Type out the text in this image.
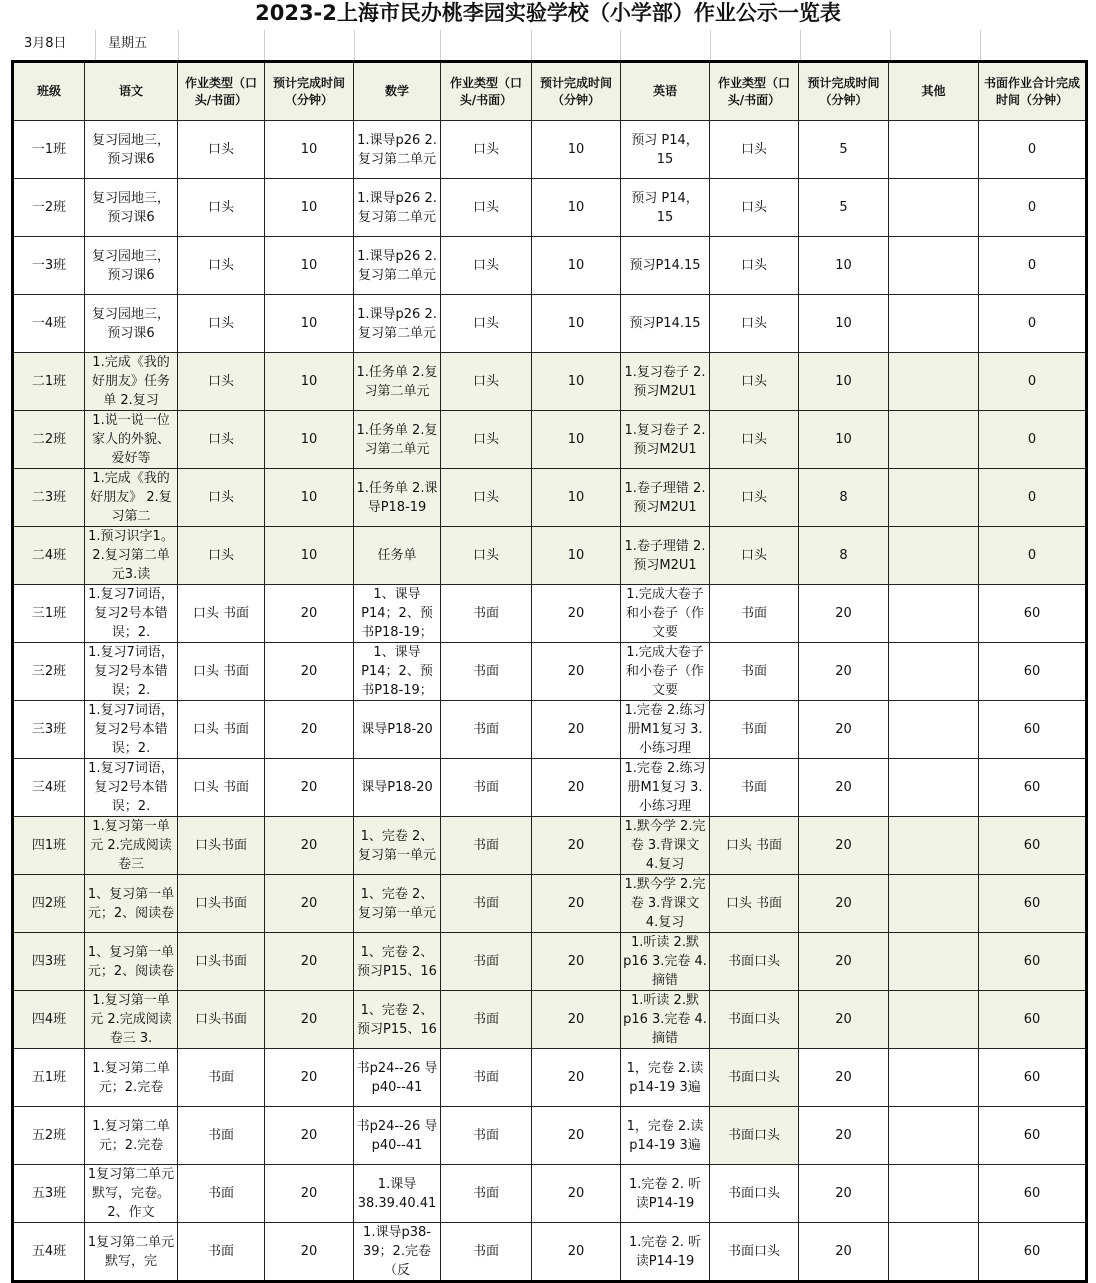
2023-2上海市民办桃李园实验学校（小学部）作业公示一览表
3月8日	星期五
班级	语文	作业类型（口头/书面）	预计完成时间（分钟）	数学	作业类型（口头/书面）	预计完成时间（分钟）	英语	作业类型（口头/书面）	预计完成时间（分钟）	其他	书面作业合计完成时间（分钟）

一1班	复习园地三，预习课6	口头	10	1.课导p26 2.复习第二单元	口头	10	预习 P14，15	口头	5		0

一2班	复习园地三，预习课6	口头	10	1.课导p26 2.复习第二单元	口头	10	预习 P14，15	口头	5		0

一3班	复习园地三，预习课6	口头	10	1.课导p26 2.复习第二单元	口头	10	预习P14.15	口头	10		0

一4班	复习园地三，预习课6	口头	10	1.课导p26 2.复习第二单元	口头	10	预习P14.15	口头	10		0

二1班	1.完成《我的好朋友》任务单 2.复习	口头	10	1.任务单 2.复习第二单元	口头	10	1.复习卷子 2.预习M2U1	口头	10		0

二2班	1.说一说一位家人的外貌、爱好等	口头	10	1.任务单 2.复习第二单元	口头	10	1.复习卷子 2.预习M2U1	口头	10		0

二3班	1.完成《我的好朋友》 2.复习第二	口头	10	1.任务单 2.课导P18-19	口头	10	1.卷子理错 2.预习M2U1	口头	8		0

二4班	1.预习识字1。2.复习第二单元3.读	口头	10	任务单	口头	10	1.卷子理错 2.预习M2U1	口头	8		0

三1班	1.复习7词语，复习2号本错误；2.	口头 书面	20	1、课导P14；2、预书P18-19；	书面	20	1.完成大卷子和小卷子（作文要	书面	20		60

三2班	1.复习7词语，复习2号本错误；2.	口头 书面	20	1、课导P14；2、预书P18-19；	书面	20	1.完成大卷子和小卷子（作文要	书面	20		60

三3班	1.复习7词语，复习2号本错误；2.	口头 书面	20	课导P18-20	书面	20	1.完卷 2.练习册M1复习 3.小练习理	书面	20		60

三4班	1.复习7词语，复习2号本错误；2.	口头 书面	20	课导P18-20	书面	20	1.完卷 2.练习册M1复习 3.小练习理	书面	20		60

四1班	1.复习第一单元 2.完成阅读卷三	口头书面	20	1、完卷 2、复习第一单元	书面	20	1.默今学 2.完卷 3.背课文 4.复习	口头 书面	20		60

四2班	1、复习第一单元；2、阅读卷	口头书面	20	1、完卷 2、复习第一单元	书面	20	1.默今学 2.完卷 3.背课文 4.复习	口头 书面	20		60

四3班	1、复习第一单元；2、阅读卷	口头书面	20	1、完卷 2、预习P15、16	书面	20	1.听读 2.默p16 3.完卷 4.摘错	书面口头	20		60

四4班	1.复习第一单元 2.完成阅读卷三 3.	口头书面	20	1、完卷 2、预习P15、16	书面	20	1.听读 2.默p16 3.完卷 4.摘错	书面口头	20		60

五1班	1.复习第二单元；2.完卷	书面	20	书p24--26 导p40--41	书面	20	1，完卷 2.读p14-19 3遍	书面口头	20		60

五2班	1.复习第二单元；2.完卷	书面	20	书p24--26 导p40--41	书面	20	1，完卷 2.读p14-19 3遍	书面口头	20		60

五3班	1复习第二单元默写，完卷。2、作文	书面	20	1.课导38.39.40.41	书面	20	1.完卷 2. 听读P14-19	书面口头	20		60

五4班	1复习第二单元默写，完	书面	20	1.课导p38-39；2.完卷（反	书面	20	1.完卷 2. 听读P14-19	书面口头	20		60
